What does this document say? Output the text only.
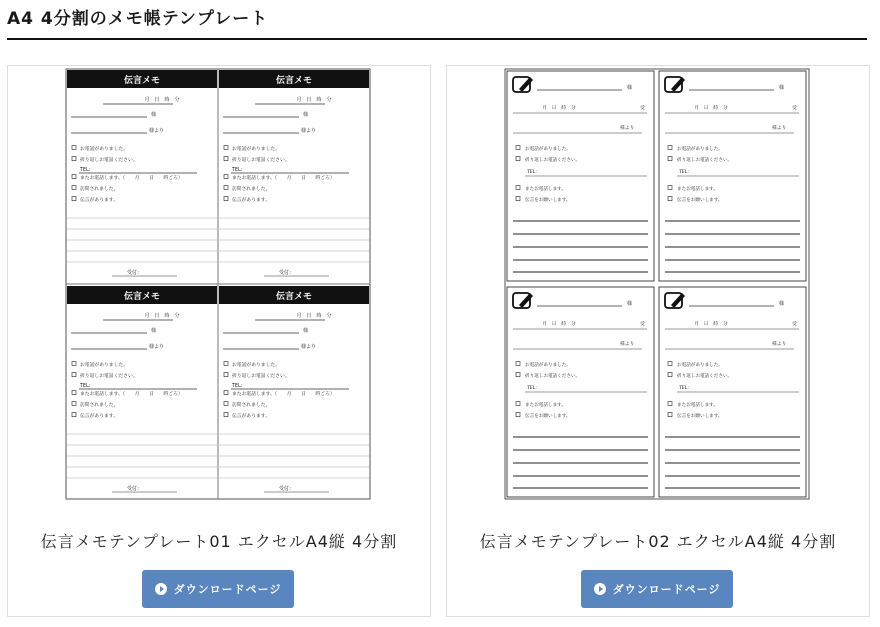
A4 4分割のメモ帳テンプレート
伝言メモ
月　日　時　分
様
様より
お電話がありました。
折り返しお電話ください。
またお電話します。（　　月　　日　　時ごろ）
訪問されました。
伝言があります。
TEL：
受付：
伝言メモ
月　日　時　分
様
様より
お電話がありました。
折り返しお電話ください。
またお電話します。（　　月　　日　　時ごろ）
訪問されました。
伝言があります。
TEL：
受付：
伝言メモ
月　日　時　分
様
様より
お電話がありました。
折り返しお電話ください。
またお電話します。（　　月　　日　　時ごろ）
訪問されました。
伝言があります。
TEL：
受付：
伝言メモ
月　日　時　分
様
様より
お電話がありました。
折り返しお電話ください。
またお電話します。（　　月　　日　　時ごろ）
訪問されました。
伝言があります。
TEL：
受付：
伝言メモテンプレート01 エクセルA4縦 4分割
ダウンロードページ
様
月　日　時　分	受
様より
お電話がありました。
折り返しお電話ください。
またお電話します。
伝言をお願いします。
TEL：
様
月　日　時　分	受
様より
お電話がありました。
折り返しお電話ください。
またお電話します。
伝言をお願いします。
TEL：
様
月　日　時　分	受
様より
お電話がありました。
折り返しお電話ください。
またお電話します。
伝言をお願いします。
TEL：
様
月　日　時　分	受
様より
お電話がありました。
折り返しお電話ください。
またお電話します。
伝言をお願いします。
TEL：
伝言メモテンプレート02 エクセルA4縦 4分割
ダウンロードページ
